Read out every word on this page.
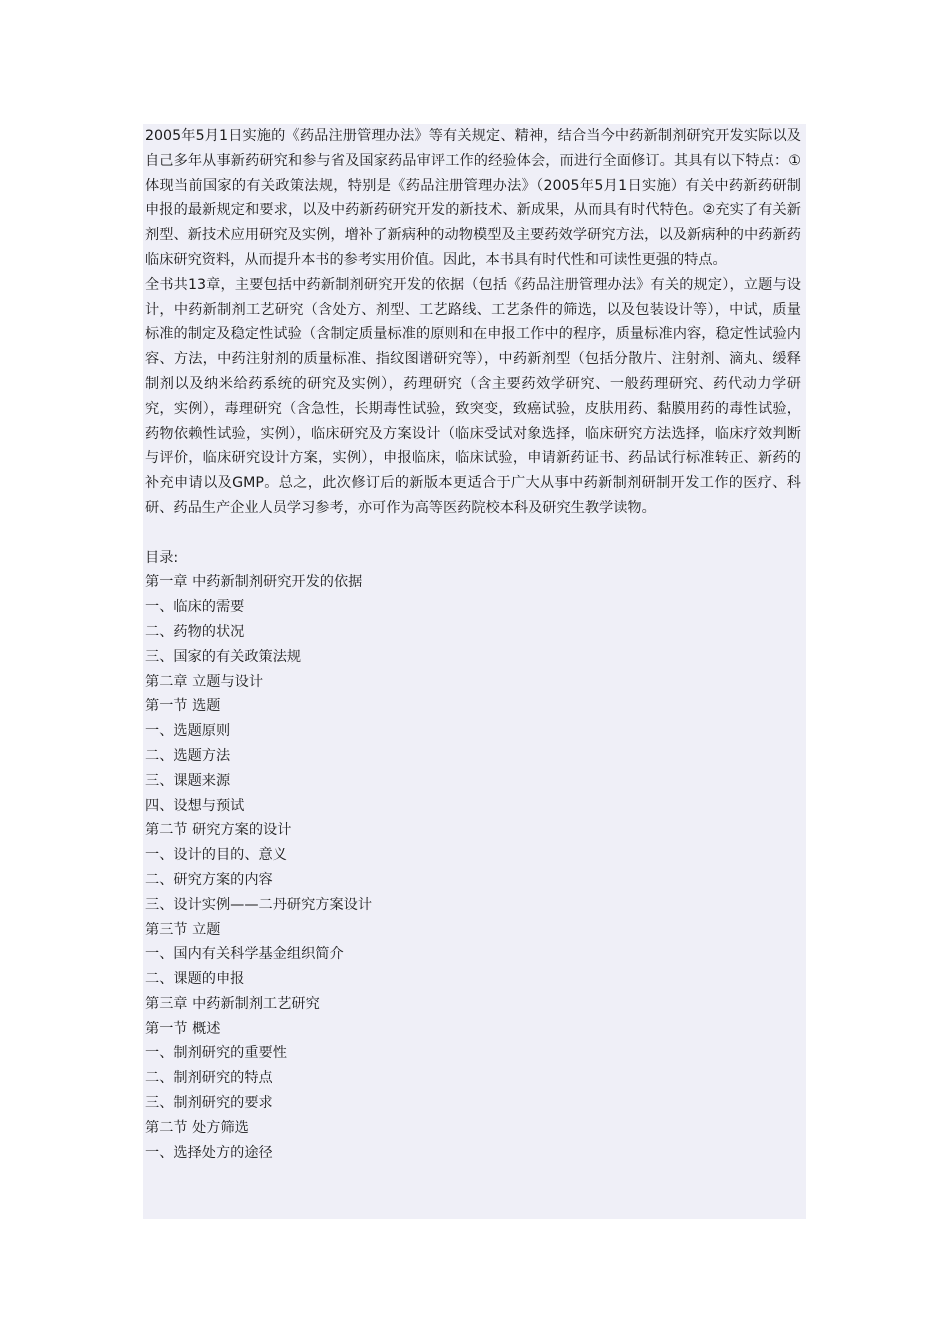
2005年5月1日实施的《药品注册管理办法》等有关规定、精神，结合当今中药新制剂研究开发实际以及自己多年从事新药研究和参与省及国家药品审评工作的经验体会，而进行全面修订。其具有以下特点：①体现当前国家的有关政策法规，特别是《药品注册管理办法》（2005年5月1日实施）有关中药新药研制申报的最新规定和要求，以及中药新药研究开发的新技术、新成果，从而具有时代特色。②充实了有关新剂型、新技术应用研究及实例，增补了新病种的动物模型及主要药效学研究方法，以及新病种的中药新药临床研究资料，从而提升本书的参考实用价值。因此，本书具有时代性和可读性更强的特点。

全书共13章，主要包括中药新制剂研究开发的依据（包括《药品注册管理办法》有关的规定），立题与设计，中药新制剂工艺研究（含处方、剂型、工艺路线、工艺条件的筛选，以及包装设计等），中试，质量标准的制定及稳定性试验（含制定质量标准的原则和在申报工作中的程序，质量标准内容，稳定性试验内容、方法，中药注射剂的质量标准、指纹图谱研究等），中药新剂型（包括分散片、注射剂、滴丸、缓释制剂以及纳米给药系统的研究及实例），药理研究（含主要药效学研究、一般药理研究、药代动力学研究，实例），毒理研究（含急性，长期毒性试验，致突变，致癌试验，皮肤用药、黏膜用药的毒性试验，药物依赖性试验，实例），临床研究及方案设计（临床受试对象选择，临床研究方法选择，临床疗效判断与评价，临床研究设计方案，实例），申报临床，临床试验，申请新药证书、药品试行标准转正、新药的补充申请以及GMP。总之，此次修订后的新版本更适合于广大从事中药新制剂研制开发工作的医疗、科研、药品生产企业人员学习参考，亦可作为高等医药院校本科及研究生教学读物。

目录:

第一章 中药新制剂研究开发的依据

一、临床的需要

二、药物的状况

三、国家的有关政策法规

第二章 立题与设计

第一节 选题

一、选题原则

二、选题方法

三、课题来源

四、设想与预试

第二节 研究方案的设计

一、设计的目的、意义

二、研究方案的内容

三、设计实例——二丹研究方案设计

第三节 立题

一、国内有关科学基金组织简介

二、课题的申报

第三章 中药新制剂工艺研究

第一节 概述

一、制剂研究的重要性

二、制剂研究的特点

三、制剂研究的要求

第二节 处方筛选

一、选择处方的途径
